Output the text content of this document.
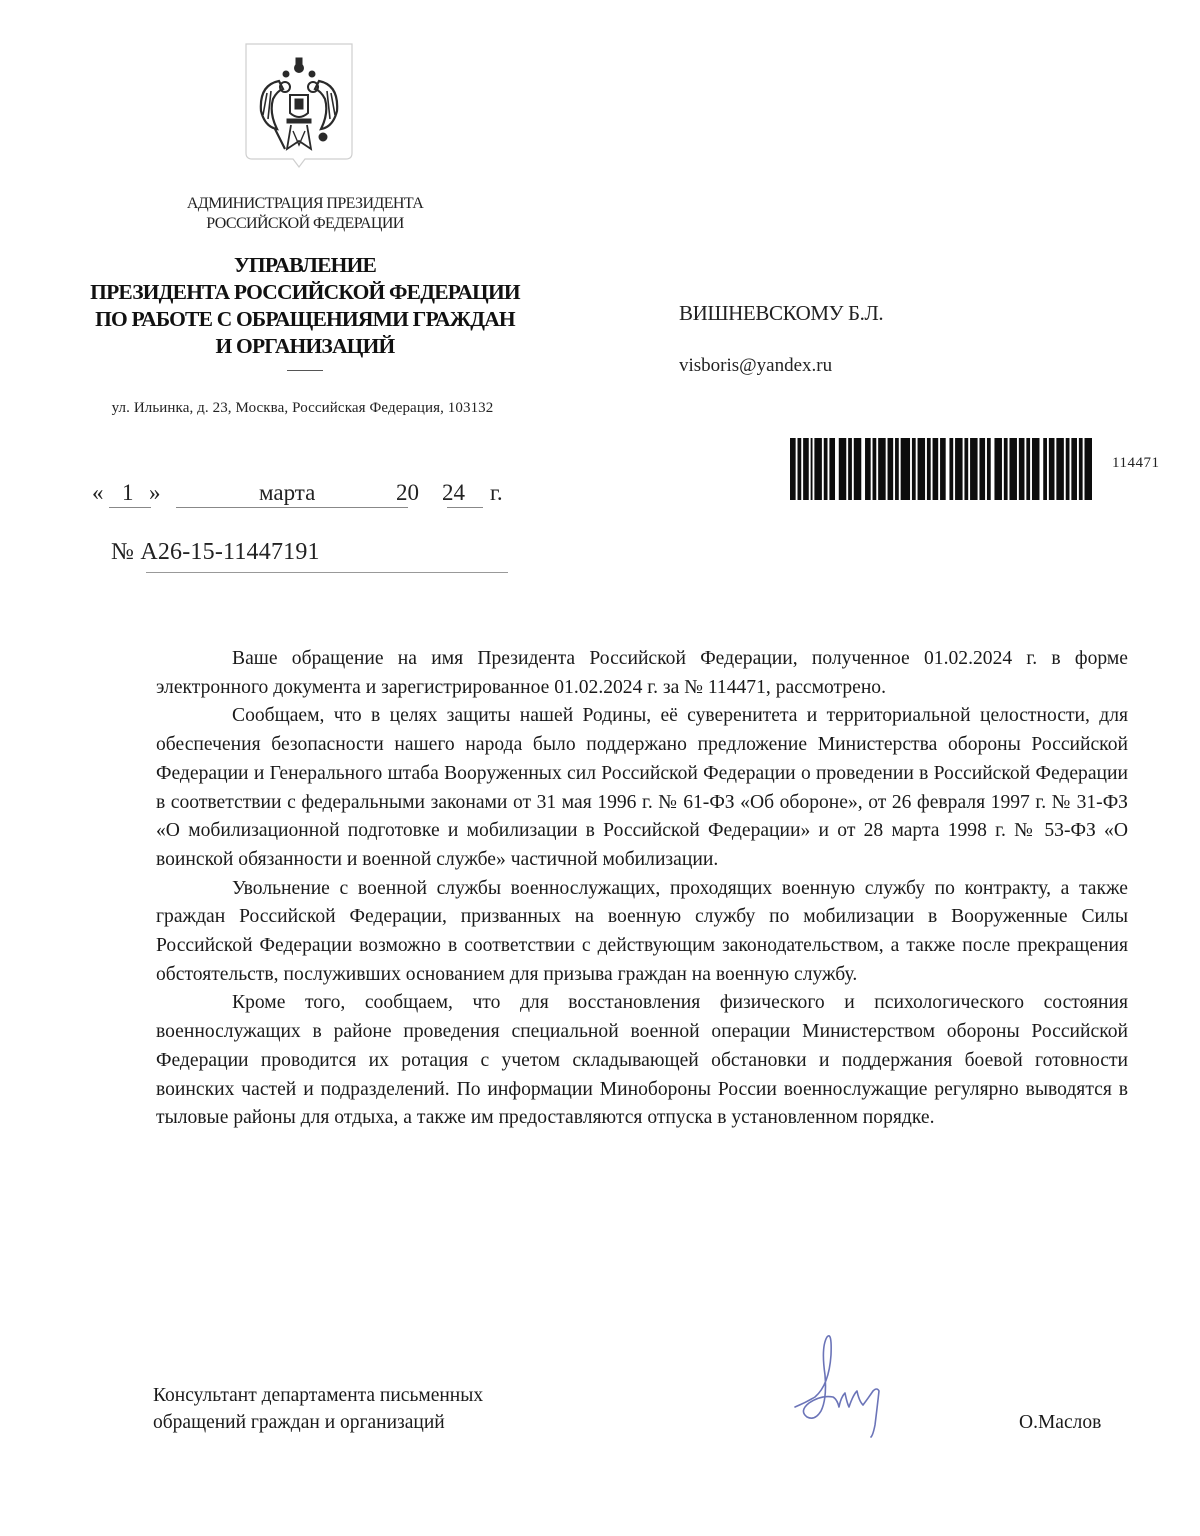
АДМИНИСТРАЦИЯ ПРЕЗИДЕНТА
РОССИЙСКОЙ ФЕДЕРАЦИИ
УПРАВЛЕНИЕ
ПРЕЗИДЕНТА РОССИЙСКОЙ ФЕДЕРАЦИИ
ПО РАБОТЕ С ОБРАЩЕНИЯМИ ГРАЖДАН
И ОРГАНИЗАЦИЙ
ул. Ильинка, д. 23, Москва, Российская Федерация, 103132
ВИШНЕВСКОМУ Б.Л.
visboris@yandex.ru
114471
« 1 »	марта	20 24 г.
№ А26-15-11447191

Ваше обращение на имя Президента Российской Федерации, полученное 01.02.2024 г. в форме электронного документа и зарегистрированное 01.02.2024 г. за № 114471, рассмотрено.

Сообщаем, что в целях защиты нашей Родины, её суверенитета и территориальной целостности, для обеспечения безопасности нашего народа было поддержано предложение Министерства обороны Российской Федерации и Генерального штаба Вооруженных сил Российской Федерации о проведении в Российской Федерации в соответствии с федеральными законами от 31 мая 1996 г. № 61-ФЗ «Об обороне», от 26 февраля 1997 г. № 31-ФЗ «О мобилизационной подготовке и мобилизации в Российской Федерации» и от 28 марта 1998 г. № 53-ФЗ «О воинской обязанности и военной службе» частичной мобилизации.

Увольнение с военной службы военнослужащих, проходящих военную службу по контракту, а также граждан Российской Федерации, призванных на военную службу по мобилизации в Вооруженные Силы Российской Федерации возможно в соответствии с действующим законодательством, а также после прекращения обстоятельств, послуживших основанием для призыва граждан на военную службу.

Кроме того, сообщаем, что для восстановления физического и психологического состояния военнослужащих в районе проведения специальной военной операции Министерством обороны Российской Федерации проводится их ротация с учетом складывающей обстановки и поддержания боевой готовности воинских частей и подразделений. По информации Минобороны России военнослужащие регулярно выводятся в тыловые районы для отдыха, а также им предоставляются отпуска в установленном порядке.

Консультант департамента письменных
обращений граждан и организаций	О.Маслов
